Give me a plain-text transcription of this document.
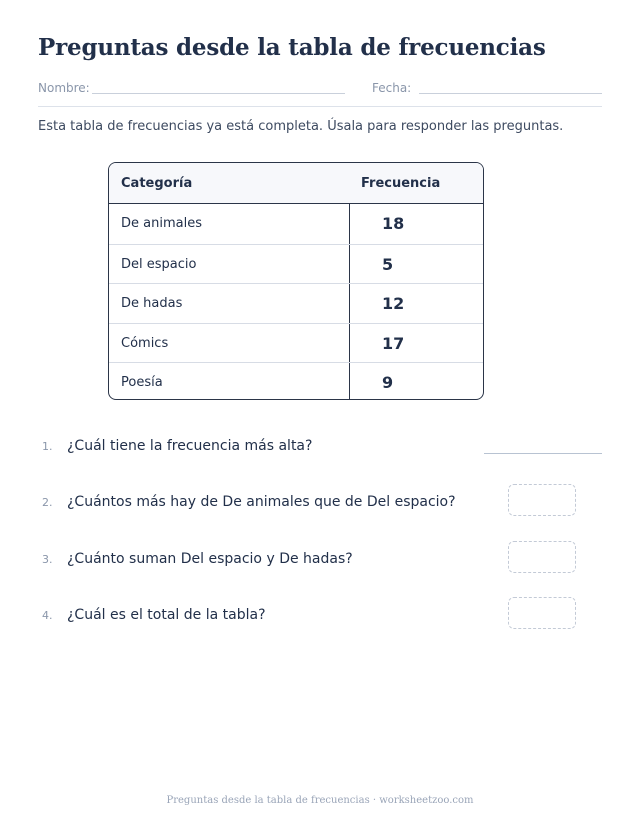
Preguntas desde la tabla de frecuencias
Nombre:	Fecha:
Esta tabla de frecuencias ya está completa. Úsala para responder las preguntas.
Categoría	Frecuencia
De animales	18
Del espacio	5
De hadas	12
Cómics	17
Poesía	9
1. ¿Cuál tiene la frecuencia más alta?
2. ¿Cuántos más hay de De animales que de Del espacio?
3. ¿Cuánto suman Del espacio y De hadas?
4. ¿Cuál es el total de la tabla?
Preguntas desde la tabla de frecuencias · worksheetzoo.com
